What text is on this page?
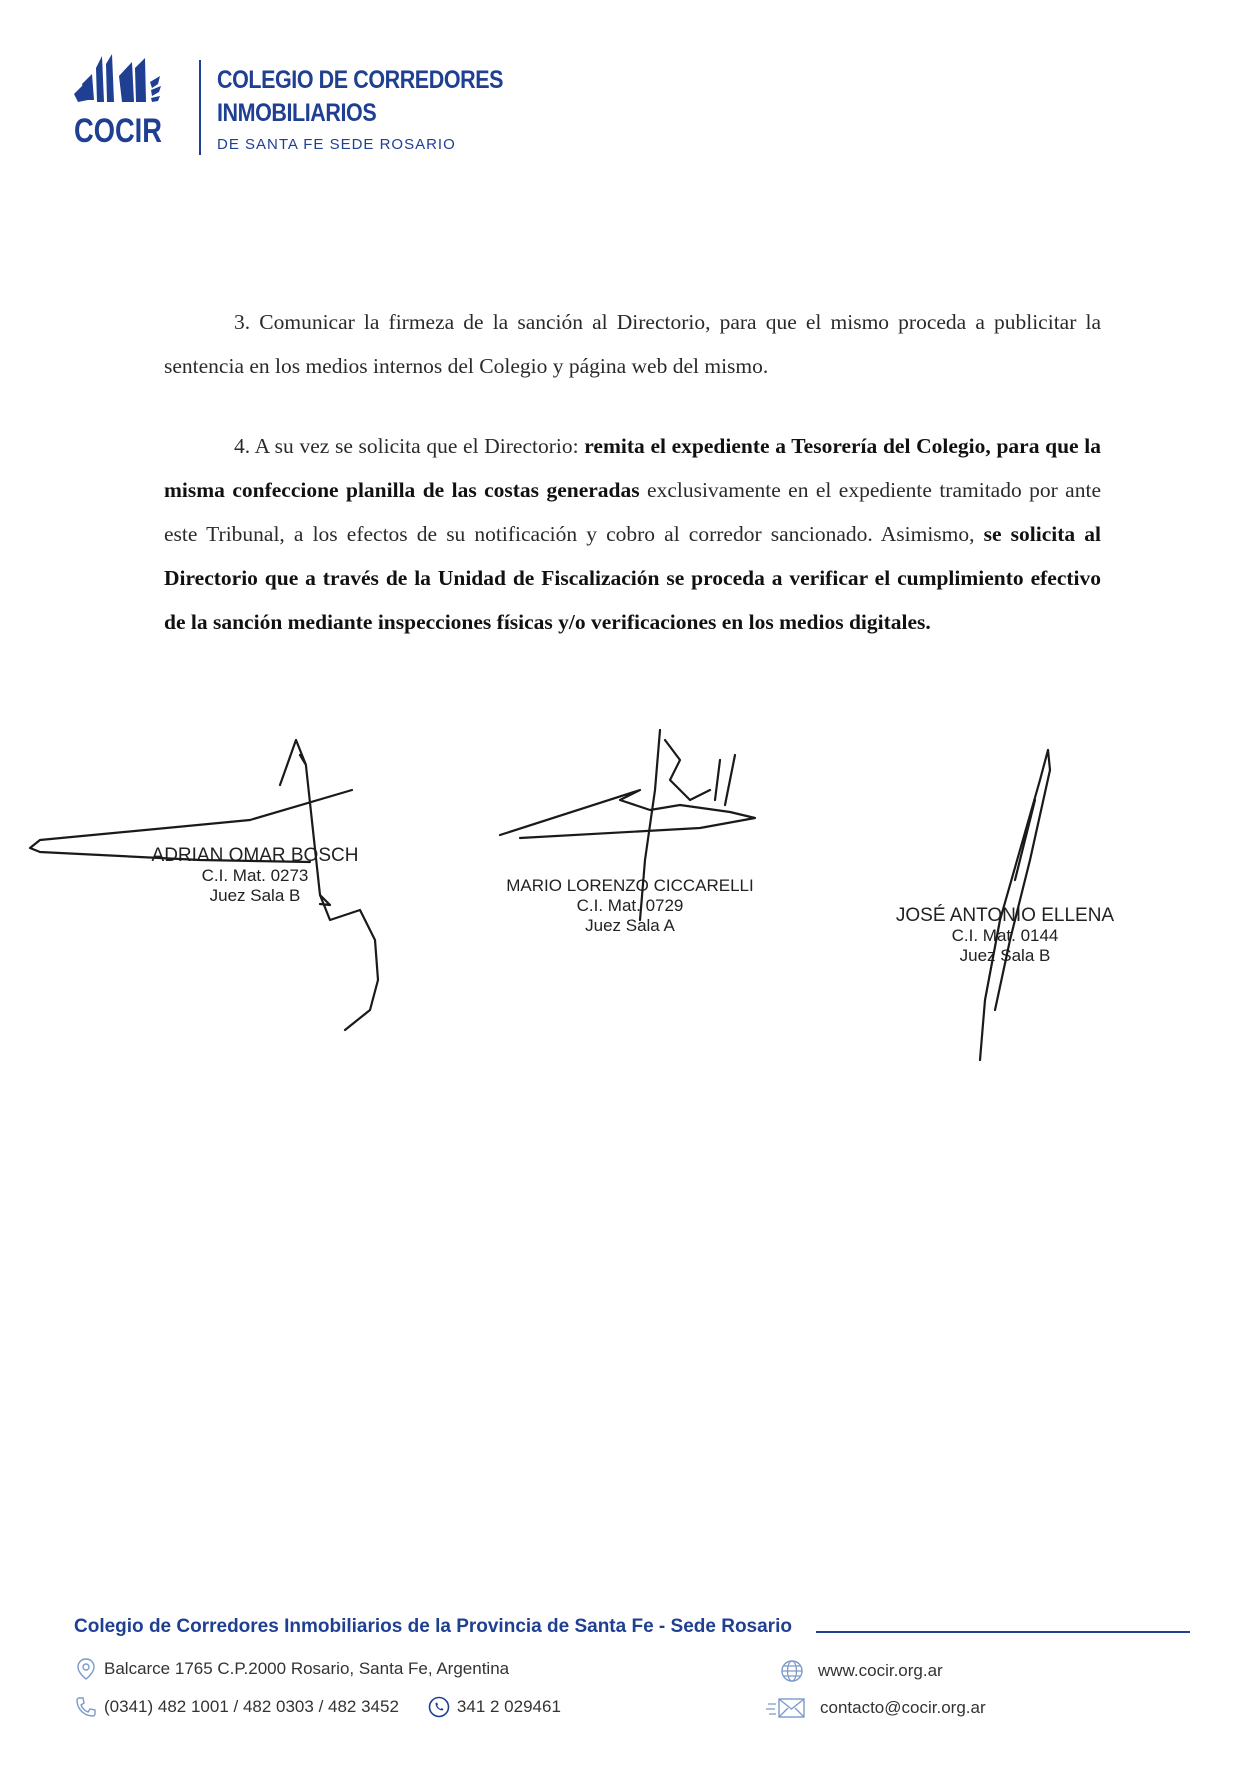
COCIR
COLEGIO DE CORREDORES
INMOBILIARIOS
DE SANTA FE SEDE ROSARIO

3. Comunicar la firmeza de la sanción al Directorio, para que el mismo proceda a publicitar la sentencia en los medios internos del Colegio y página web del mismo.

4. A su vez se solicita que el Directorio: remita el expediente a Tesorería del Colegio, para que la misma confeccione planilla de las costas generadas exclusivamente en el expediente tramitado por ante este Tribunal, a los efectos de su notificación y cobro al corredor sancionado. Asimismo, se solicita al Directorio que a través de la Unidad de Fiscalización se proceda a verificar el cumplimiento efectivo de la sanción mediante inspecciones físicas y/o verificaciones en los medios digitales.

ADRIAN OMAR BOSCH
C.I. Mat. 0273
Juez Sala B
MARIO LORENZO CICCARELLI
C.I. Mat. 0729
Juez Sala A	JOSÉ ANTONIO ELLENA
C.I. Mat. 0144
Juez Sala B
Colegio de Corredores Inmobiliarios de la Provincia de Santa Fe - Sede Rosario
Balcarce 1765 C.P.2000 Rosario, Santa Fe, Argentina
(0341) 482 1001 / 482 0303 / 482 3452	341 2 029461
www.cocir.org.ar
contacto@cocir.org.ar
